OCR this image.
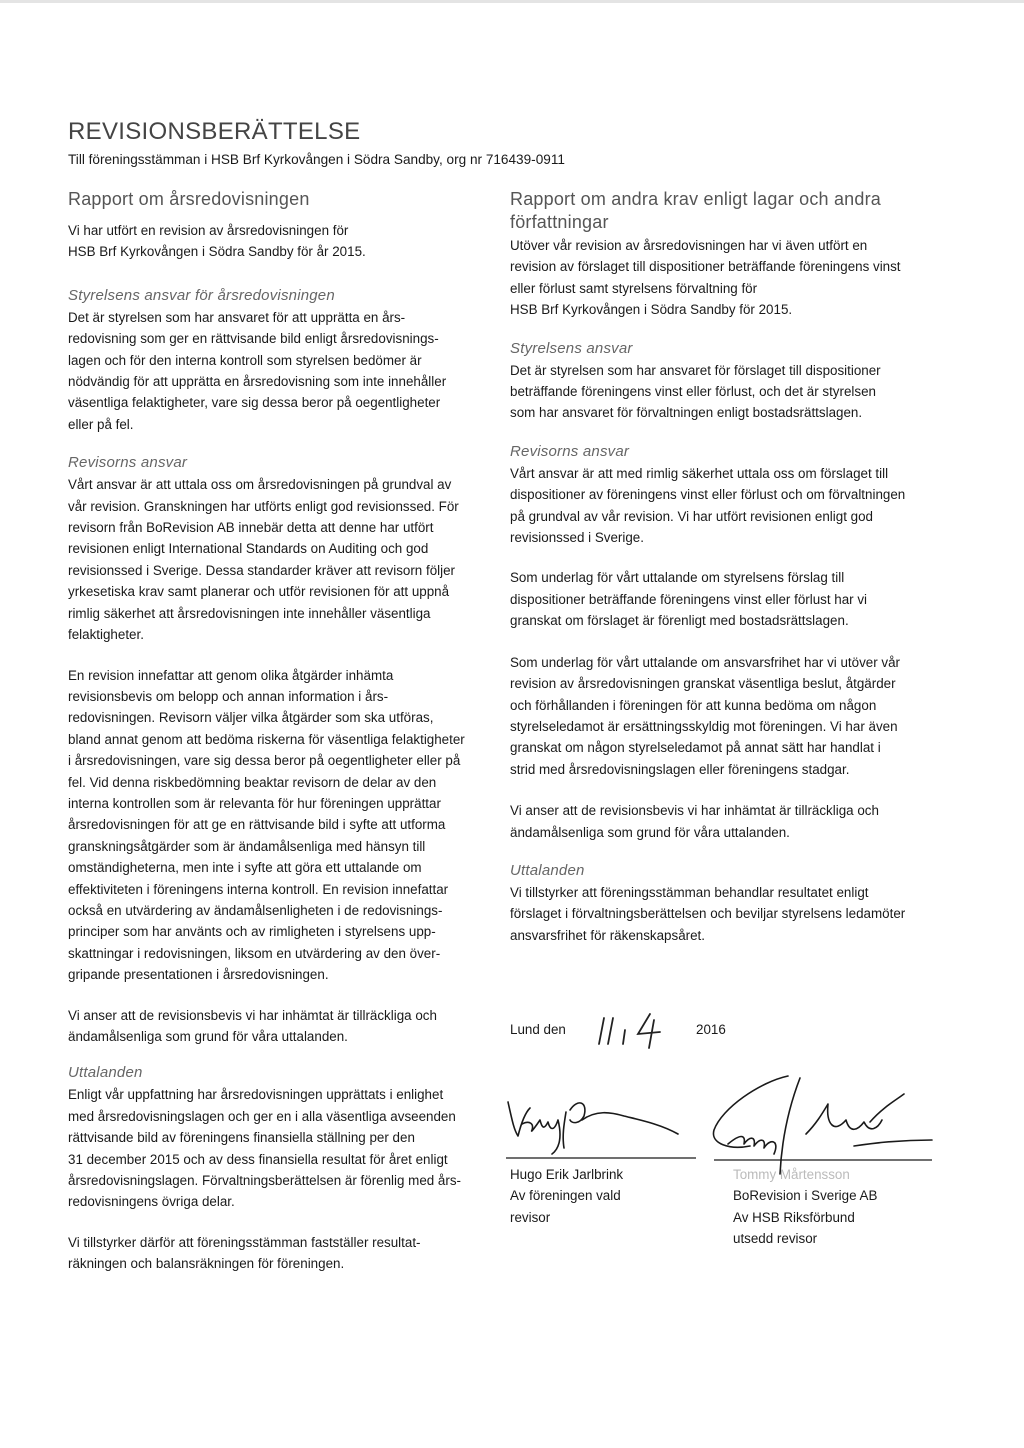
REVISIONSBERÄTTELSE
Till föreningsstämman i HSB Brf Kyrkovången i Södra Sandby, org nr 716439-0911
Rapport om årsredovisningen

Vi har utfört en revision av årsredovisningen för
HSB Brf Kyrkovången i Södra Sandby för år 2015.

Styrelsens ansvar för årsredovisningen

Det är styrelsen som har ansvaret för att upprätta en års-
redovisning som ger en rättvisande bild enligt årsredovisnings-
lagen och för den interna kontroll som styrelsen bedömer är
nödvändig för att upprätta en årsredovisning som inte innehåller
väsentliga felaktigheter, vare sig dessa beror på oegentligheter
eller på fel.

Revisorns ansvar

Vårt ansvar är att uttala oss om årsredovisningen på grundval av
vår revision. Granskningen har utförts enligt god revisionssed. För
revisorn från BoRevision AB innebär detta att denne har utfört
revisionen enligt International Standards on Auditing och god
revisionssed i Sverige. Dessa standarder kräver att revisorn följer
yrkesetiska krav samt planerar och utför revisionen för att uppnå
rimlig säkerhet att årsredovisningen inte innehåller väsentliga
felaktigheter.

En revision innefattar att genom olika åtgärder inhämta
revisionsbevis om belopp och annan information i års-
redovisningen. Revisorn väljer vilka åtgärder som ska utföras,
bland annat genom att bedöma riskerna för väsentliga felaktigheter
i årsredovisningen, vare sig dessa beror på oegentligheter eller på
fel. Vid denna riskbedömning beaktar revisorn de delar av den
interna kontrollen som är relevanta för hur föreningen upprättar
årsredovisningen för att ge en rättvisande bild i syfte att utforma
granskningsåtgärder som är ändamålsenliga med hänsyn till
omständigheterna, men inte i syfte att göra ett uttalande om
effektiviteten i föreningens interna kontroll. En revision innefattar
också en utvärdering av ändamålsenligheten i de redovisnings-
principer som har använts och av rimligheten i styrelsens upp-
skattningar i redovisningen, liksom en utvärdering av den över-
gripande presentationen i årsredovisningen.

Vi anser att de revisionsbevis vi har inhämtat är tillräckliga och
ändamålsenliga som grund för våra uttalanden.

Uttalanden

Enligt vår uppfattning har årsredovisningen upprättats i enlighet
med årsredovisningslagen och ger en i alla väsentliga avseenden
rättvisande bild av föreningens finansiella ställning per den
31 december 2015 och av dess finansiella resultat för året enligt
årsredovisningslagen. Förvaltningsberättelsen är förenlig med års-
redovisningens övriga delar.

Vi tillstyrker därför att föreningsstämman fastställer resultat-
räkningen och balansräkningen för föreningen.

Rapport om andra krav enligt lagar och andra
författningar

Utöver vår revision av årsredovisningen har vi även utfört en
revision av förslaget till dispositioner beträffande föreningens vinst
eller förlust samt styrelsens förvaltning för
HSB Brf Kyrkovången i Södra Sandby för 2015.

Styrelsens ansvar

Det är styrelsen som har ansvaret för förslaget till dispositioner
beträffande föreningens vinst eller förlust, och det är styrelsen
som har ansvaret för förvaltningen enligt bostadsrättslagen.

Revisorns ansvar

Vårt ansvar är att med rimlig säkerhet uttala oss om förslaget till
dispositioner av föreningens vinst eller förlust och om förvaltningen
på grundval av vår revision. Vi har utfört revisionen enligt god
revisionssed i Sverige.

Som underlag för vårt uttalande om styrelsens förslag till
dispositioner beträffande föreningens vinst eller förlust har vi
granskat om förslaget är förenligt med bostadsrättslagen.

Som underlag för vårt uttalande om ansvarsfrihet har vi utöver vår
revision av årsredovisningen granskat väsentliga beslut, åtgärder
och förhållanden i föreningen för att kunna bedöma om någon
styrelseledamot är ersättningsskyldig mot föreningen. Vi har även
granskat om någon styrelseledamot på annat sätt har handlat i
strid med årsredovisningslagen eller föreningens stadgar.

Vi anser att de revisionsbevis vi har inhämtat är tillräckliga och
ändamålsenliga som grund för våra uttalanden.

Uttalanden

Vi tillstyrker att föreningsstämman behandlar resultatet enligt
förslaget i förvaltningsberättelsen och beviljar styrelsens ledamöter
ansvarsfrihet för räkenskapsåret.

Lund den	2016
Hugo Erik Jarlbrink
Av föreningen vald
revisor
Tommy Mårtensson
BoRevision i Sverige AB
Av HSB Riksförbund
utsedd revisor
